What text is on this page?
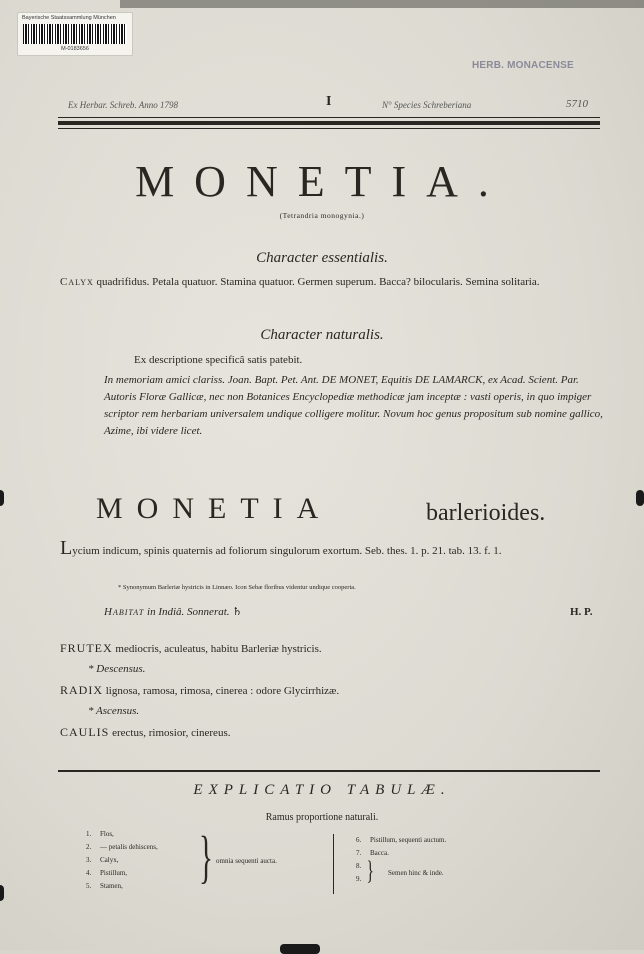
Bayerische Staatssammlung München
M-0183656
HERB. MONACENSE
Ex Herbar. Schreb. Anno 1798	I	N° Species Schreberiana	5710
MONETIA.
(Tetrandria monogynia.)
Character essentialis.
Calyx quadrifidus. Petala quatuor. Stamina quatuor. Germen superum. Bacca? bilocularis. Semina solitaria.
Character naturalis.
Ex descriptione specificâ satis patebit.
In memoriam amici clariss. Joan. Bapt. Pet. Ant. DE MONET, Equitis DE LAMARCK, ex Acad. Scient. Par. Autoris Floræ Gallicæ, nec non Botanices Encyclopediæ methodicæ jam inceptæ : vasti operis, in quo impiger scriptor rem herbariam universalem undique colligere molitur. Novum hoc genus propositum sub nomine gallico, Azime, ibi videre licet.
MONETIA	barlerioides.
Lycium indicum, spinis quaternis ad foliorum singulorum exortum. Seb. thes. 1. p. 21. tab. 13. f. 1.
* Synonymum Barleriæ hystricis in Linnæo. Icon Sebæ floribus videntur undique cooperta.
Habitat in Indiâ. Sonnerat. ♄	H. P.
FRUTEX mediocris, aculeatus, habitu Barleriæ hystricis.
* Descensus.
RADIX lignosa, ramosa, rimosa, cinerea : odore Glycirrhizæ.
* Ascensus.
CAULIS erectus, rimosior, cinereus.
EXPLICATIO TABULÆ.
Ramus proportione naturali.
1. Flos,
2. — petalis dehiscens,
3. Calyx,
4. Pistillum,
5. Stamen,	} omnia sequenti aucta.
6. Pistillum, sequenti auctum.
7. Bacca.
8.
9. } Semen hinc & inde.
